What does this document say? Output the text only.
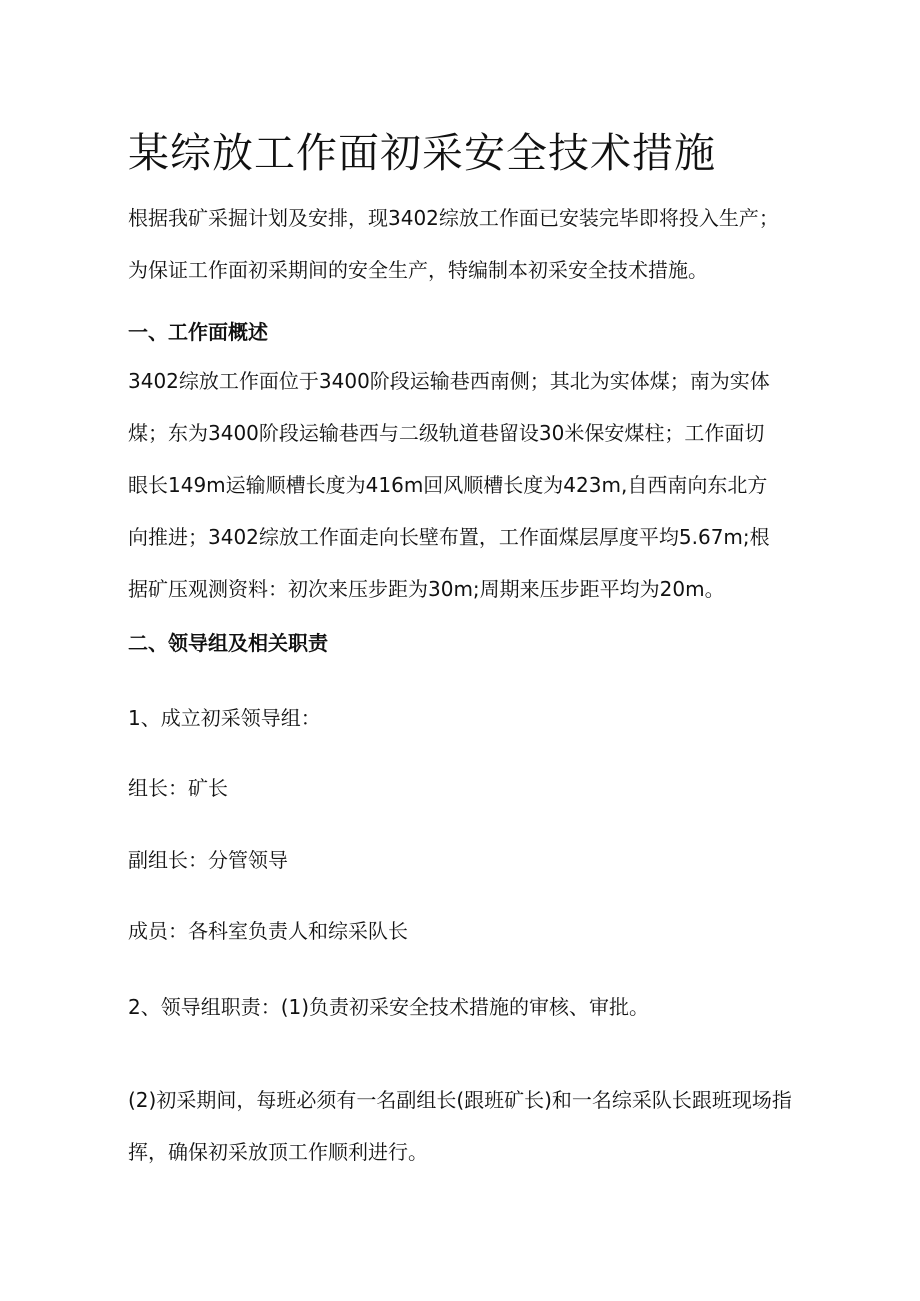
某综放工作面初采安全技术措施
根据我矿采掘计划及安排，现3402综放工作面已安装完毕即将投入生产；
为保证工作面初采期间的安全生产，特编制本初采安全技术措施。
一、工作面概述
3402综放工作面位于3400阶段运输巷西南侧；其北为实体煤；南为实体
煤；东为3400阶段运输巷西与二级轨道巷留设30米保安煤柱；工作面切
眼长149m运输顺槽长度为416m回风顺槽长度为423m,自西南向东北方
向推进；3402综放工作面走向长壁布置，工作面煤层厚度平均5.67m;根
据矿压观测资料：初次来压步距为30m;周期来压步距平均为20m。
二、领导组及相关职责

1、成立初采领导组：

组长：矿长

副组长：分管领导

成员：各科室负责人和综采队长

2、领导组职责：(1)负责初采安全技术措施的审核、审批。

(2)初采期间，每班必须有一名副组长(跟班矿长)和一名综采队长跟班现场指
挥，确保初采放顶工作顺利进行。
